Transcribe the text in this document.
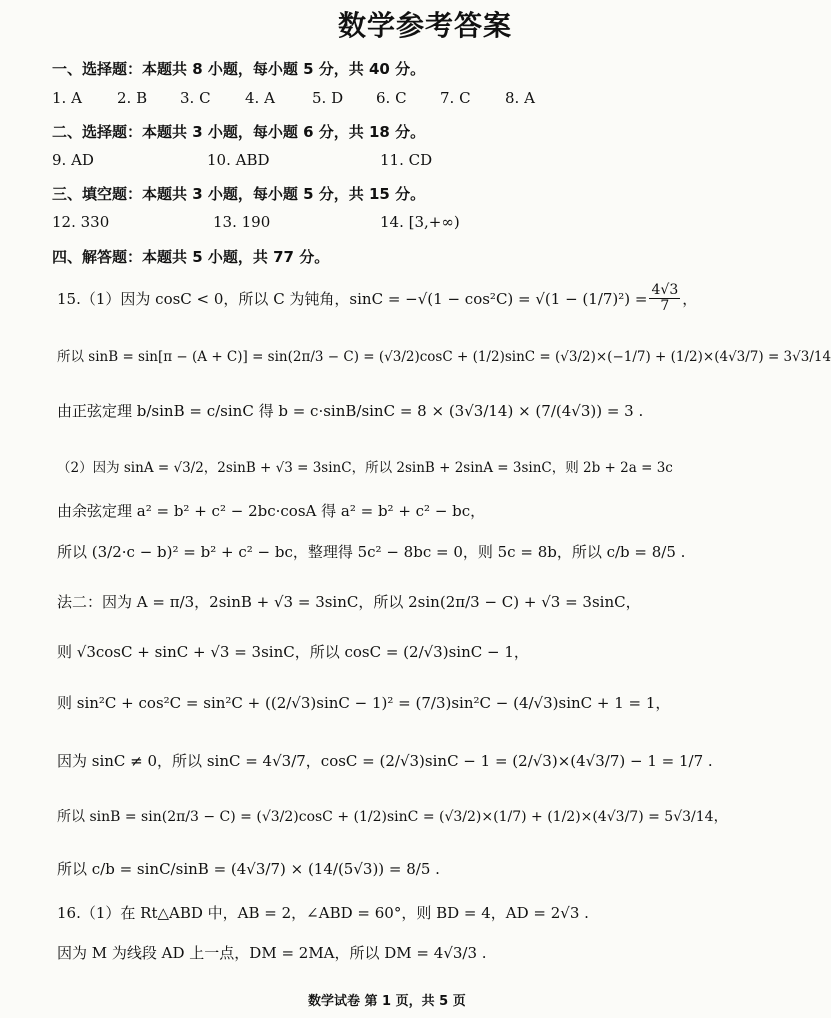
数学参考答案
一、选择题：本题共 8 小题，每小题 5 分，共 40 分。
1. A 2. B 3. C 4. A 5. D 6. C 7. C 8. A
二、选择题：本题共 3 小题，每小题 6 分，共 18 分。
9. AD	10. ABD	11. CD
三、填空题：本题共 3 小题，每小题 5 分，共 15 分。
12. 330	13. 190	14. [3,+∞)
四、解答题：本题共 5 小题，共 77 分。
15.（1）因为 cosC < 0，所以 C 为钝角，$\sin C = -√(1 - \cos^2C) = √(1 - (1/7)^2) = \frac{4√3}{7}$ ，
所以 sinB = sin[π − (A + C)] = sin(2π/3 − C) = (√3/2)cosC + (1/2)sinC = (√3/2)×(−1/7) + (1/2)×(4√3/7) = 3√3/14
由正弦定理 b/sinB = c/sinC 得 b = c·sinB/sinC = 8 × (3√3/14) × (7/(4√3)) = 3 .
（2）因为 sinA = √3/2，2sinB + √3 = 3sinC，所以 2sinB + 2sinA = 3sinC，则 2b + 2a = 3c
由余弦定理 a² = b² + c² − 2bc·cosA 得 a² = b² + c² − bc，
所以 (3/2·c − b)² = b² + c² − bc，整理得 5c² − 8bc = 0，则 5c = 8b，所以 c/b = 8/5 .
法二：因为 A = π/3，2sinB + √3 = 3sinC，所以 2sin(2π/3 − C) + √3 = 3sinC，
则 √3cosC + sinC + √3 = 3sinC，所以 cosC = (2/√3)sinC − 1，
则 sin²C + cos²C = sin²C + ((2/√3)sinC − 1)² = (7/3)sin²C − (4/√3)sinC + 1 = 1，
因为 sinC ≠ 0，所以 sinC = 4√3/7，cosC = (2/√3)sinC − 1 = (2/√3)×(4√3/7) − 1 = 1/7 .
所以 sinB = sin(2π/3 − C) = (√3/2)cosC + (1/2)sinC = (√3/2)×(1/7) + (1/2)×(4√3/7) = 5√3/14，
所以 c/b = sinC/sinB = (4√3/7) × (14/(5√3)) = 8/5 .
16.（1）在 Rt△ABD 中，AB = 2，∠ABD = 60°，则 BD = 4，AD = 2√3 .
因为 M 为线段 AD 上一点，DM = 2MA，所以 DM = 4√3/3 .
数学试卷 第 1 页，共 5 页
